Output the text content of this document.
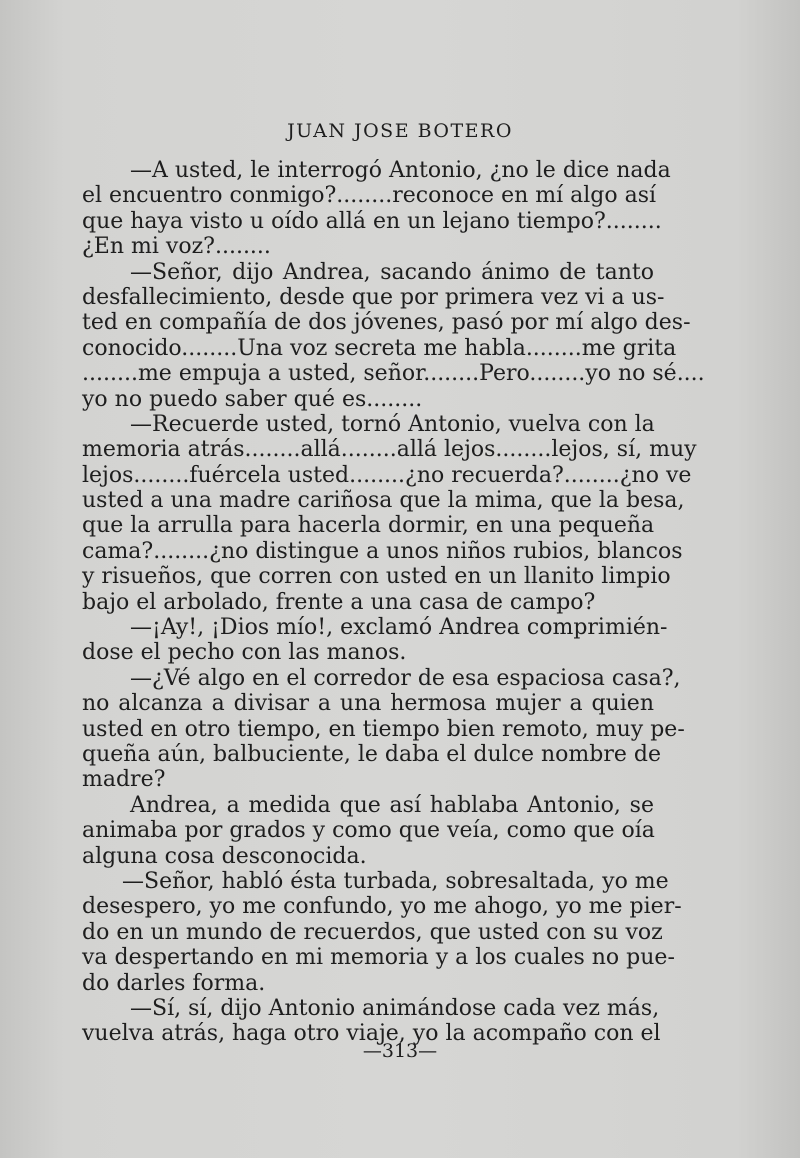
JUAN JOSE BOTERO
—A usted, le interrogó Antonio, ¿no le dice nada
el encuentro conmigo?........reconoce en mí algo así
que haya visto u oído allá en un lejano tiempo?........
¿En mi voz?........
—Señor, dijo Andrea, sacando ánimo de tanto
desfallecimiento, desde que por primera vez vi a us-
ted en compañía de dos jóvenes, pasó por mí algo des-
conocido........Una voz secreta me habla........me grita
........me empuja a usted, señor........Pero........yo no sé....
yo no puedo saber qué es........
—Recuerde usted, tornó Antonio, vuelva con la
memoria atrás........allá........allá lejos........lejos, sí, muy
lejos........fuércela usted........¿no recuerda?........¿no ve
usted a una madre cariñosa que la mima, que la besa,
que la arrulla para hacerla dormir, en una pequeña
cama?........¿no distingue a unos niños rubios, blancos
y risueños, que corren con usted en un llanito limpio
bajo el arbolado, frente a una casa de campo?
—¡Ay!, ¡Dios mío!, exclamó Andrea comprimién-
dose el pecho con las manos.
—¿Vé algo en el corredor de esa espaciosa casa?,
no alcanza a divisar a una hermosa mujer a quien
usted en otro tiempo, en tiempo bien remoto, muy pe-
queña aún, balbuciente, le daba el dulce nombre de
madre?
Andrea, a medida que así hablaba Antonio, se
animaba por grados y como que veía, como que oía
alguna cosa desconocida.
—Señor, habló ésta turbada, sobresaltada, yo me
desespero, yo me confundo, yo me ahogo, yo me pier-
do en un mundo de recuerdos, que usted con su voz
va despertando en mi memoria y a los cuales no pue-
do darles forma.
—Sí, sí, dijo Antonio animándose cada vez más,
vuelva atrás, haga otro viaje, yo la acompaño con el
—313—
